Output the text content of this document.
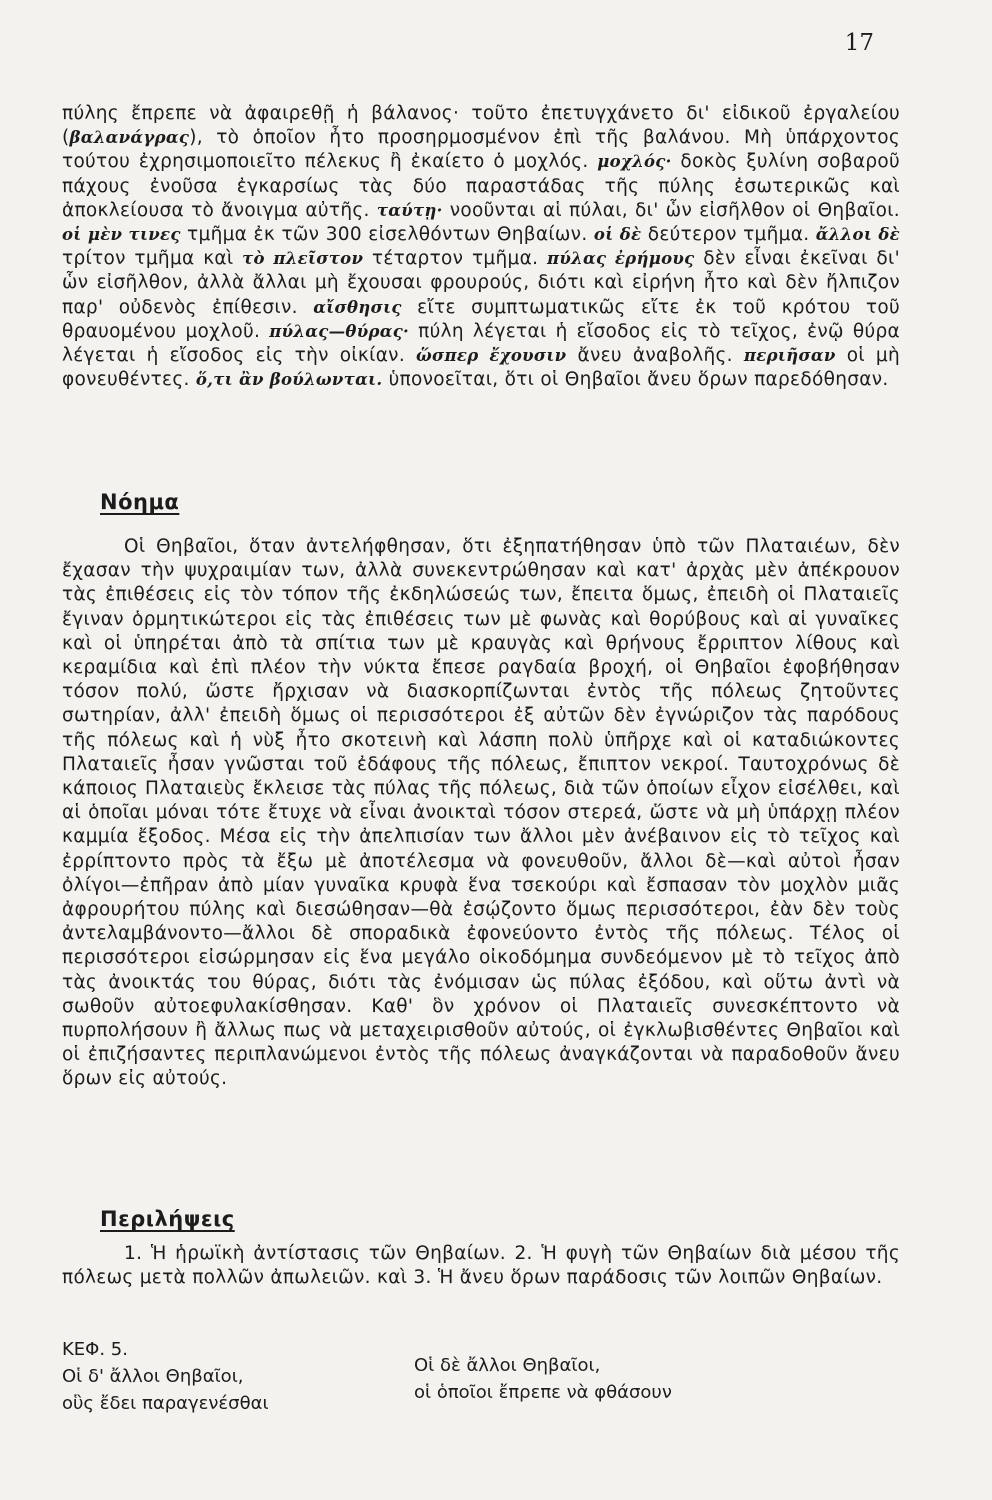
17

πύλης ἔπρεπε νὰ ἀφαιρεθῇ ἡ βάλανος· τοῦτο ἐπετυγχάνετο δι' εἰδικοῦ ἐργαλείου (βαλανάγρας), τὸ ὁποῖον ἦτο προσηρμοσμένον ἐπὶ τῆς βαλάνου. Μὴ ὑπάρχοντος τούτου ἐχρησιμοποιεῖτο πέλεκυς ἢ ἐκαίετο ὁ μοχλός. μοχλός· δοκὸς ξυλίνη σοβαροῦ πάχους ἐνοῦσα ἐγκαρσίως τὰς δύο παραστάδας τῆς πύλης ἐσωτερικῶς καὶ ἀποκλείουσα τὸ ἄνοιγμα αὐτῆς. ταύτῃ· νοοῦνται αἱ πύλαι, δι' ὧν εἰσῆλθον οἱ Θηβαῖοι. οἱ μὲν τινες τμῆμα ἐκ τῶν 300 εἰσελθόντων Θηβαίων. οἱ δὲ δεύτερον τμῆμα. ἄλλοι δὲ τρίτον τμῆμα καὶ τὸ πλεῖστον τέταρτον τμῆμα. πύλας ἐρήμους δὲν εἶναι ἐκεῖναι δι' ὧν εἰσῆλθον, ἀλλὰ ἄλλαι μὴ ἔχουσαι φρουρούς, διότι καὶ εἰρήνη ἦτο καὶ δὲν ἤλπιζον παρ' οὐδενὸς ἐπίθεσιν. αἴσθησις εἴτε συμπτωματικῶς εἴτε ἐκ τοῦ κρότου τοῦ θραυομένου μοχλοῦ. πύλας—θύρας· πύλη λέγεται ἡ εἴσοδος εἰς τὸ τεῖχος, ἐνῷ θύρα λέγεται ἡ εἴσοδος εἰς τὴν οἰκίαν. ὥσπερ ἔχουσιν ἄνευ ἀναβολῆς. περιῆσαν οἱ μὴ φονευθέντες. ὅ,τι ἂν βούλωνται. ὑπονοεῖται, ὅτι οἱ Θηβαῖοι ἄνευ ὅρων παρεδόθησαν.

Νόημα

Οἱ Θηβαῖοι, ὅταν ἀντελήφθησαν, ὅτι ἐξηπατήθησαν ὑπὸ τῶν Πλαταιέων, δὲν ἔχασαν τὴν ψυχραιμίαν των, ἀλλὰ συνεκεντρώθησαν καὶ κατ' ἀρχὰς μὲν ἀπέκρουον τὰς ἐπιθέσεις εἰς τὸν τόπον τῆς ἐκδηλώσεώς των, ἔπειτα ὅμως, ἐπειδὴ οἱ Πλαταιεῖς ἔγιναν ὁρμητικώτεροι εἰς τὰς ἐπιθέσεις των μὲ φωνὰς καὶ θορύβους καὶ αἱ γυναῖκες καὶ οἱ ὑπηρέται ἀπὸ τὰ σπίτια των μὲ κραυγὰς καὶ θρήνους ἔρριπτον λίθους καὶ κεραμίδια καὶ ἐπὶ πλέον τὴν νύκτα ἔπεσε ραγδαία βροχή, οἱ Θηβαῖοι ἐφοβήθησαν τόσον πολύ, ὥστε ἤρχισαν νὰ διασκορπίζωνται ἐντὸς τῆς πόλεως ζητοῦντες σωτηρίαν, ἀλλ' ἐπειδὴ ὅμως οἱ περισσότεροι ἐξ αὐτῶν δὲν ἐγνώριζον τὰς παρόδους τῆς πόλεως καὶ ἡ νὺξ ἦτο σκοτεινὴ καὶ λάσπη πολὺ ὑπῆρχε καὶ οἱ καταδιώκοντες Πλαταιεῖς ἦσαν γνῶσται τοῦ ἐδάφους τῆς πόλεως, ἔπιπτον νεκροί. Ταυτοχρόνως δὲ κάποιος Πλαταιεὺς ἔκλεισε τὰς πύλας τῆς πόλεως, διὰ τῶν ὁποίων εἶχον εἰσέλθει, καὶ αἱ ὁποῖαι μόναι τότε ἔτυχε νὰ εἶναι ἀνοικταὶ τόσον στερεά, ὥστε νὰ μὴ ὑπάρχῃ πλέον καμμία ἔξοδος. Μέσα εἰς τὴν ἀπελπισίαν των ἄλλοι μὲν ἀνέβαινον εἰς τὸ τεῖχος καὶ ἐρρίπτοντο πρὸς τὰ ἔξω μὲ ἀποτέλεσμα νὰ φονευθοῦν, ἄλλοι δὲ—καὶ αὐτοὶ ἦσαν ὀλίγοι—ἐπῆραν ἀπὸ μίαν γυναῖκα κρυφὰ ἕνα τσεκούρι καὶ ἔσπασαν τὸν μοχλὸν μιᾶς ἀφρουρήτου πύλης καὶ διεσώθησαν—θὰ ἐσῴζοντο ὅμως περισσότεροι, ἐὰν δὲν τοὺς ἀντελαμβάνοντο—ἄλλοι δὲ σποραδικὰ ἐφονεύοντο ἐντὸς τῆς πόλεως. Τέλος οἱ περισσότεροι εἰσώρμησαν εἰς ἕνα μεγάλο οἰκοδόμημα συνδεόμενον μὲ τὸ τεῖχος ἀπὸ τὰς ἀνοικτάς του θύρας, διότι τὰς ἐνόμισαν ὡς πύλας ἐξόδου, καὶ οὕτω ἀντὶ νὰ σωθοῦν αὐτοεφυλακίσθησαν. Καθ' ὃν χρόνον οἱ Πλαταιεῖς συνεσκέπτοντο νὰ πυρπολήσουν ἢ ἄλλως πως νὰ μεταχειρισθοῦν αὐτούς, οἱ ἐγκλωβισθέντες Θηβαῖοι καὶ οἱ ἐπιζήσαντες περιπλανώμενοι ἐντὸς τῆς πόλεως ἀναγκάζονται νὰ παραδοθοῦν ἄνευ ὅρων εἰς αὐτούς.

Περιλήψεις

1. Ἡ ἡρωϊκὴ ἀντίστασις τῶν Θηβαίων. 2. Ἡ φυγὴ τῶν Θηβαίων διὰ μέσου τῆς πόλεως μετὰ πολλῶν ἀπωλειῶν. καὶ 3. Ἡ ἄνευ ὅρων παράδοσις τῶν λοιπῶν Θηβαίων.

ΚΕΦ. 5.
Οἱ δ' ἄλλοι Θηβαῖοι,
οὓς ἔδει παραγενέσθαι
Οἱ δὲ ἄλλοι Θηβαῖοι,
οἱ ὁποῖοι ἔπρεπε νὰ φθάσουν
